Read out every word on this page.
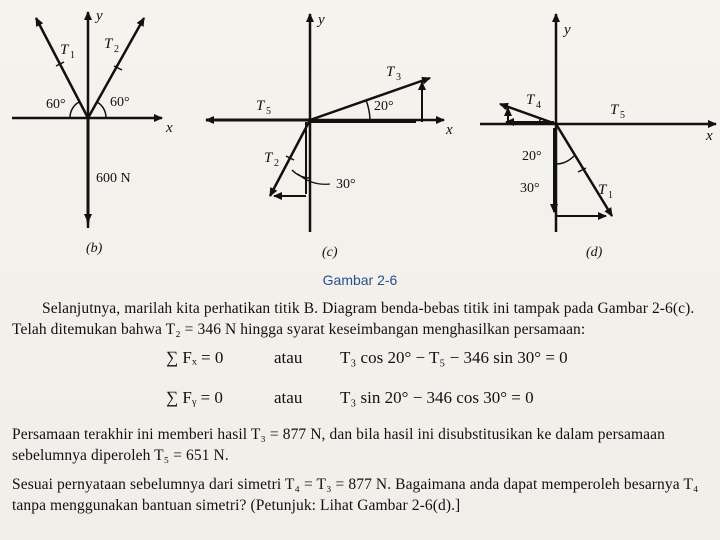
y
x
T 1
T 2
60°	60°
600 N
(b)
y
x
T 3
T 5
T 2
20°
30°
(c)
y
x
T 4	T 5
T 1
20°
30°
(d)
Gambar 2-6
Selanjutnya, marilah kita perhatikan titik B. Diagram benda-bebas titik ini tampak pada Gambar 2-6(c). Telah ditemukan bahwa T₂ = 346 N hingga syarat keseimbangan menghasilkan persamaan:
∑ Fₓ = 0	atau T₃ cos 20° − T₅ − 346 sin 30° = 0
∑ Fᵧ = 0	atau T₃ sin 20° − 346 cos 30° = 0
Persamaan terakhir ini memberi hasil T₃ = 877 N, dan bila hasil ini disubstitusikan ke dalam persamaan sebelumnya diperoleh T₅ = 651 N.
Sesuai pernyataan sebelumnya dari simetri T₄ = T₃ = 877 N. Bagaimana anda dapat memperoleh besarnya T₄ tanpa menggunakan bantuan simetri? (Petunjuk: Lihat Gambar 2-6(d).]
